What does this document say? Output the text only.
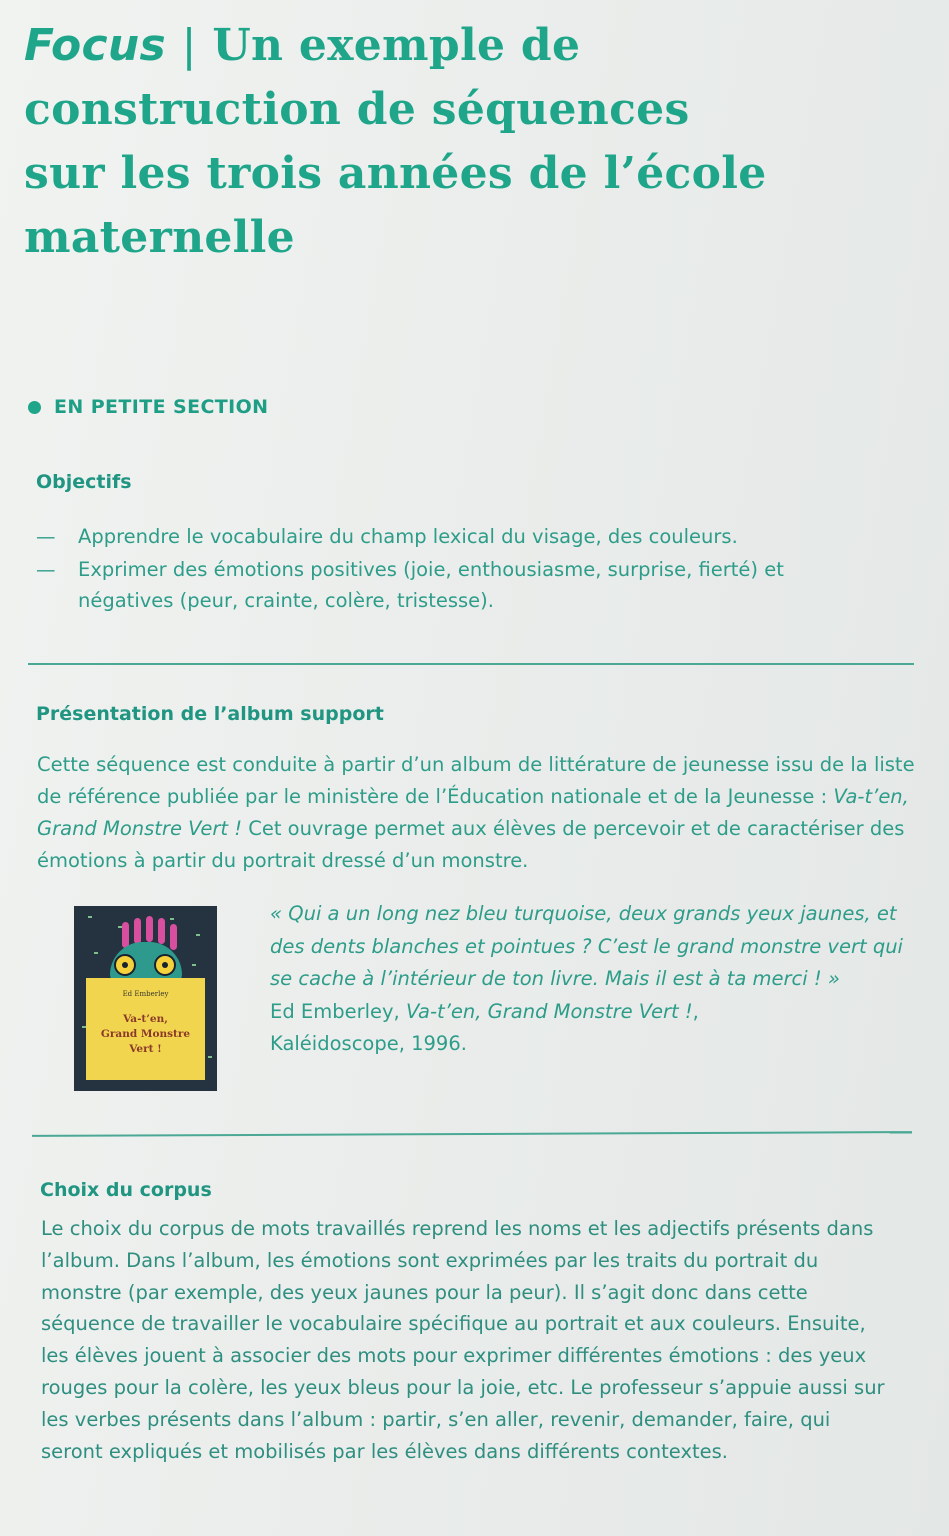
Focus | Un exemple de
construction de séquences
sur les trois années de l’école
maternelle
EN PETITE SECTION
Objectifs
— Apprendre le vocabulaire du champ lexical du visage, des couleurs.
— Exprimer des émotions positives (joie, enthousiasme, surprise, fierté) et négatives (peur, crainte, colère, tristesse).
Présentation de l’album support
Cette séquence est conduite à partir d’un album de littérature de jeunesse issu de la liste de référence publiée par le ministère de l’Éducation nationale et de la Jeunesse : Va-t’en, Grand Monstre Vert ! Cet ouvrage permet aux élèves de percevoir et de caractériser des émotions à partir du portrait dressé d’un monstre.
Ed Emberley
Va-t’en,
Grand Monstre
Vert !
« Qui a un long nez bleu turquoise, deux grands yeux jaunes, et des dents blanches et pointues ? C’est le grand monstre vert qui se cache à l’intérieur de ton livre. Mais il est à ta merci ! »
Ed Emberley, Va-t’en, Grand Monstre Vert !,
Kaléidoscope, 1996.
Choix du corpus
Le choix du corpus de mots travaillés reprend les noms et les adjectifs présents dans l’album. Dans l’album, les émotions sont exprimées par les traits du portrait du monstre (par exemple, des yeux jaunes pour la peur). Il s’agit donc dans cette séquence de travailler le vocabulaire spécifique au portrait et aux couleurs. Ensuite, les élèves jouent à associer des mots pour exprimer différentes émotions : des yeux rouges pour la colère, les yeux bleus pour la joie, etc. Le professeur s’appuie aussi sur les verbes présents dans l’album : partir, s’en aller, revenir, demander, faire, qui seront expliqués et mobilisés par les élèves dans différents contextes.
